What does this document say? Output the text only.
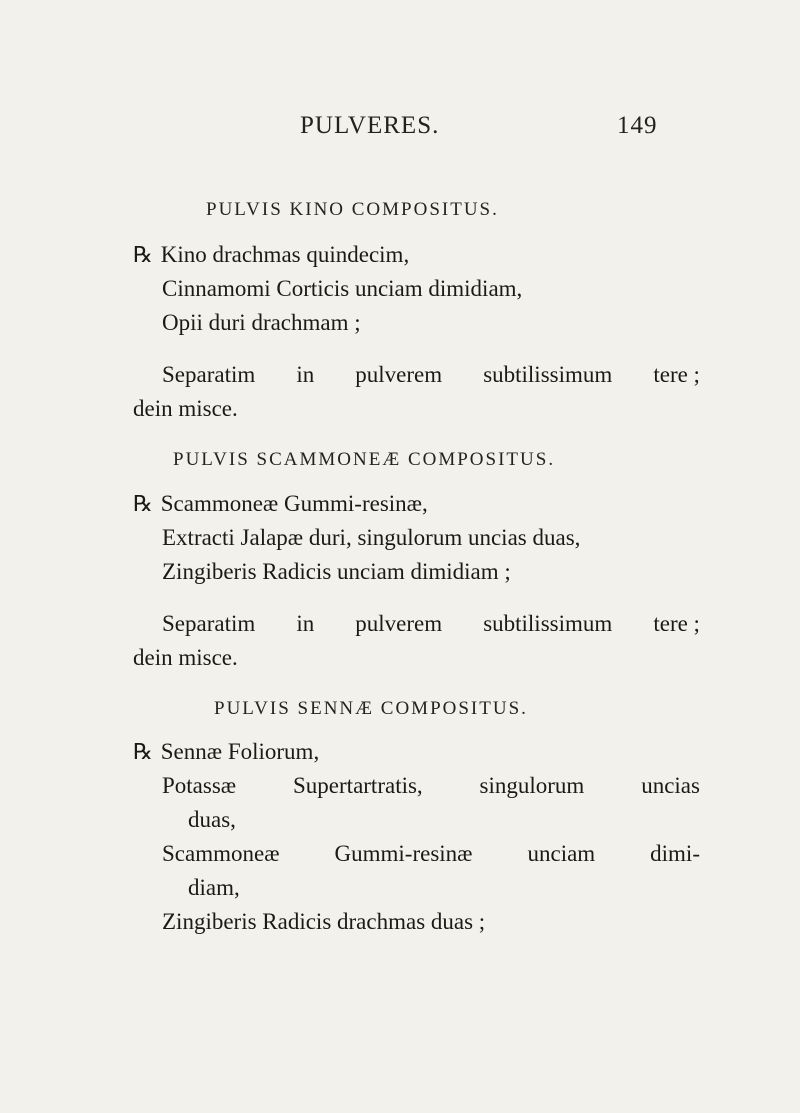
PULVERES.	149
PULVIS KINO COMPOSITUS.
℞ Kino drachmas quindecim,
Cinnamomi Corticis unciam dimidiam,
Opii duri drachmam ;
Separatim in pulverem subtilissimum tere ;
dein misce.
PULVIS SCAMMONEÆ COMPOSITUS.
℞ Scammoneæ Gummi-resinæ,
Extracti Jalapæ duri, singulorum uncias duas,
Zingiberis Radicis unciam dimidiam ;
Separatim in pulverem subtilissimum tere ;
dein misce.
PULVIS SENNÆ COMPOSITUS.
℞ Sennæ Foliorum,
Potassæ Supertartratis, singulorum uncias
duas,
Scammoneæ Gummi-resinæ unciam dimi-
diam,
Zingiberis Radicis drachmas duas ;
